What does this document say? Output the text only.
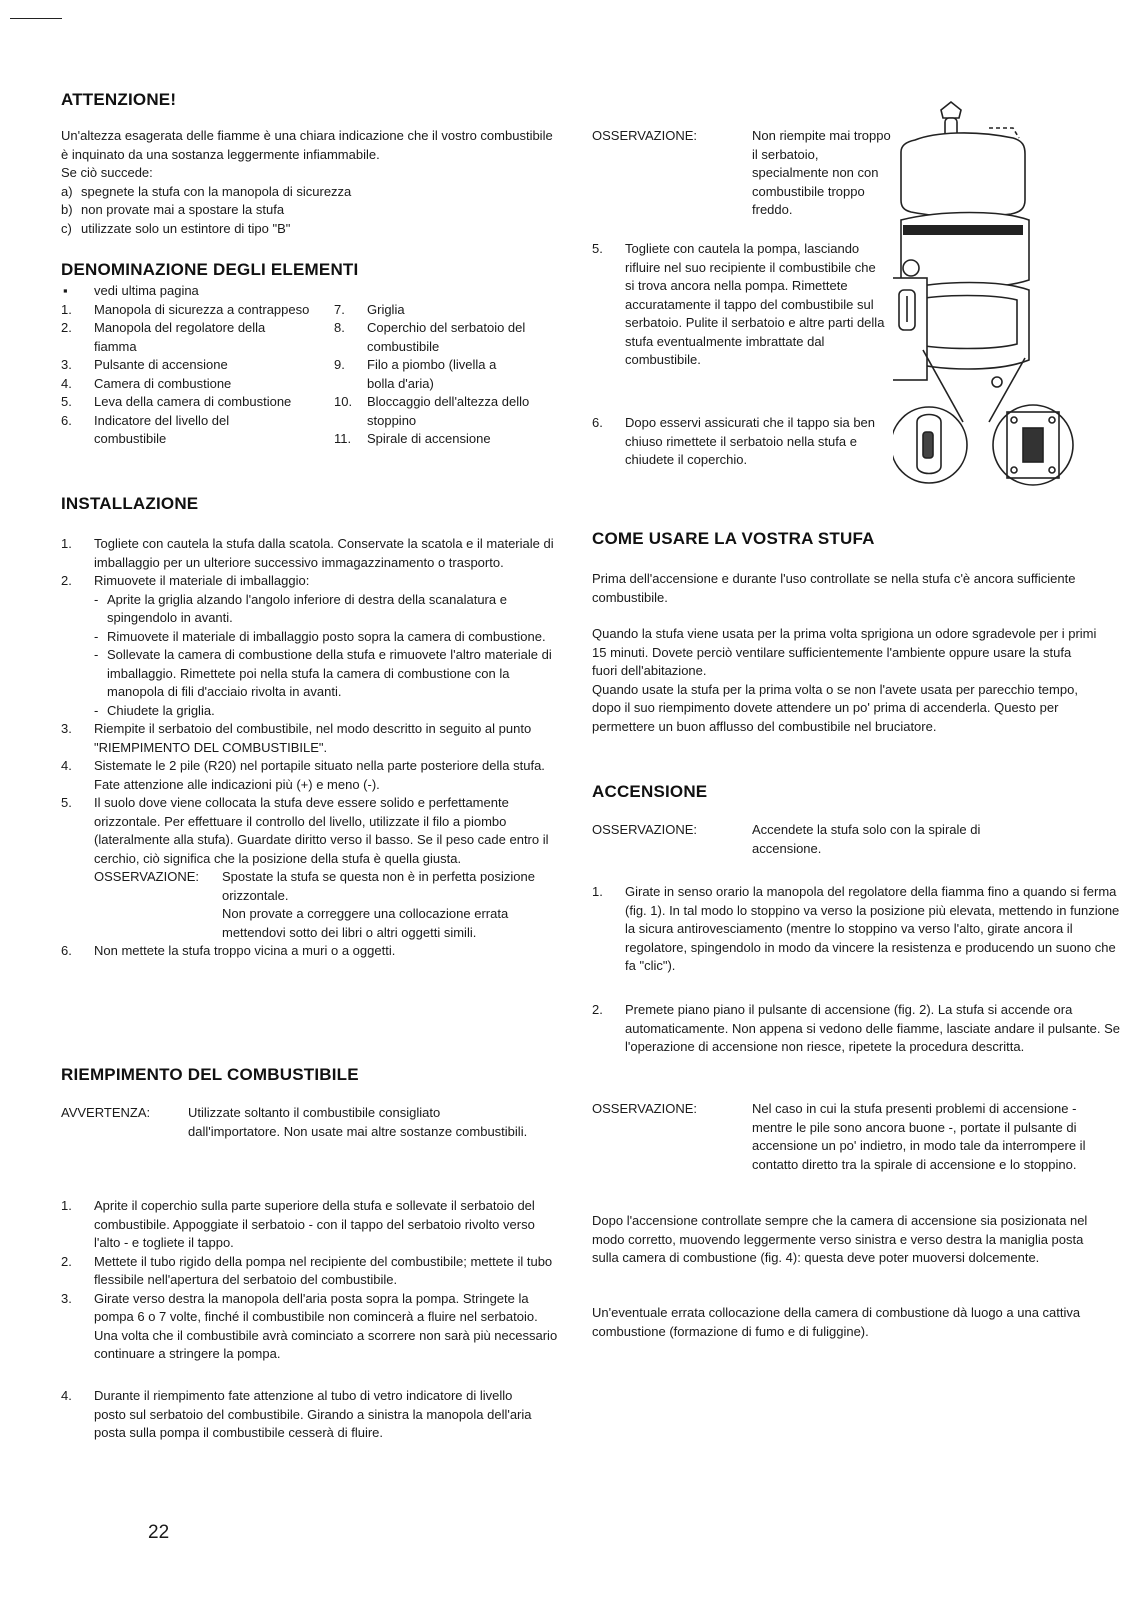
ATTENZIONE!

Un'altezza esagerata delle fiamme è una chiara indicazione che il vostro combustibile è inquinato da una sostanza leggermente infiammabile.

Se ciò succede:

a) spegnete la stufa con la manopola di sicurezza
b) non provate mai a spostare la stufa
c) utilizzate solo un estintore di tipo "B"
DENOMINAZIONE DEGLI ELEMENTI
▪ vedi ultima pagina
1. Manopola di sicurezza a contrappeso
2. Manopola del regolatore della fiamma
3. Pulsante di accensione
4. Camera di combustione
5. Leva della camera di combustione
6. Indicatore del livello del combustibile
7. Griglia
8. Coperchio del serbatoio del combustibile
9. Filo a piombo (livella a bolla d'aria)
10. Bloccaggio dell'altezza dello stoppino
11. Spirale di accensione
INSTALLAZIONE
1. Togliete con cautela la stufa dalla scatola. Conservate la scatola e il materiale di imballaggio per un ulteriore successivo immagazzinamento o trasporto.
2. Rimuovete il materiale di imballaggio:
- Aprite la griglia alzando l'angolo inferiore di destra della scanalatura e spingendolo in avanti.
- Rimuovete il materiale di imballaggio posto sopra la camera di combustione.
- Sollevate la camera di combustione della stufa e rimuovete l'altro materiale di imballaggio. Rimettete poi nella stufa la camera di combustione con la manopola di fili d'acciaio rivolta in avanti.
- Chiudete la griglia.
3. Riempite il serbatoio del combustibile, nel modo descritto in seguito al punto "RIEMPIMENTO DEL COMBUSTIBILE".
4. Sistemate le 2 pile (R20) nel portapile situato nella parte posteriore della stufa. Fate attenzione alle indicazioni più (+) e meno (-).
5. Il suolo dove viene collocata la stufa deve essere solido e perfettamente orizzontale. Per effettuare il controllo del livello, utilizzate il filo a piombo (lateralmente alla stufa). Guardate diritto verso il basso. Se il peso cade entro il cerchio, ciò significa che la posizione della stufa è quella giusta.
OSSERVAZIONE: Spostate la stufa se questa non è in perfetta posizione orizzontale.

Non provate a correggere una collocazione errata mettendovi sotto dei libri o altri oggetti simili.

6. Non mettete la stufa troppo vicina a muri o a oggetti.
RIEMPIMENTO DEL COMBUSTIBILE
AVVERTENZA:	Utilizzate soltanto il combustibile consigliato dall'importatore. Non usate mai altre sostanze combustibili.
1. Aprite il coperchio sulla parte superiore della stufa e sollevate il serbatoio del combustibile. Appoggiate il serbatoio - con il tappo del serbatoio rivolto verso l'alto - e togliete il tappo.
2. Mettete il tubo rigido della pompa nel recipiente del combustibile; mettete il tubo flessibile nell'apertura del serbatoio del combustibile.
3. Girate verso destra la manopola dell'aria posta sopra la pompa. Stringete la pompa 6 o 7 volte, finché il combustibile non comincerà a fluire nel serbatoio. Una volta che il combustibile avrà cominciato a scorrere non sarà più necessario continuare a stringere la pompa.
4. Durante il riempimento fate attenzione al tubo di vetro indicatore di livello posto sul serbatoio del combustibile. Girando a sinistra la manopola dell'aria posta sulla pompa il combustibile cesserà di fluire.
OSSERVAZIONE:	Non riempite mai troppo il serbatoio, specialmente non con combustibile troppo freddo.
5. Togliete con cautela la pompa, lasciando rifluire nel suo recipiente il combustibile che si trova ancora nella pompa. Rimettete accuratamente il tappo del combustibile sul serbatoio. Pulite il serbatoio e altre parti della stufa eventualmente imbrattate dal combustibile.
6. Dopo esservi assicurati che il tappo sia ben chiuso rimettete il serbatoio nella stufa e chiudete il coperchio.
COME USARE LA VOSTRA STUFA

Prima dell'accensione e durante l'uso controllate se nella stufa c'è ancora sufficiente combustibile.

Quando la stufa viene usata per la prima volta sprigiona un odore sgradevole per i primi 15 minuti. Dovete perciò ventilare sufficientemente l'ambiente oppure usare la stufa fuori dell'abitazione.

Quando usate la stufa per la prima volta o se non l'avete usata per parecchio tempo, dopo il suo riempimento dovete attendere un po' prima di accenderla. Questo per permettere un buon afflusso del combustibile nel bruciatore.

ACCENSIONE
OSSERVAZIONE:	Accendete la stufa solo con la spirale di accensione.
1. Girate in senso orario la manopola del regolatore della fiamma fino a quando si ferma (fig. 1). In tal modo lo stoppino va verso la posizione più elevata, mettendo in funzione la sicura antirovesciamento (mentre lo stoppino va verso l'alto, girate ancora il regolatore, spingendolo in modo da vincere la resistenza e producendo un suono che fa "clic").
2. Premete piano piano il pulsante di accensione (fig. 2). La stufa si accende ora automaticamente. Non appena si vedono delle fiamme, lasciate andare il pulsante. Se l'operazione di accensione non riesce, ripetete la procedura descritta.
OSSERVAZIONE:	Nel caso in cui la stufa presenti problemi di accensione - mentre le pile sono ancora buone -, portate il pulsante di accensione un po' indietro, in modo tale da interrompere il contatto diretto tra la spirale di accensione e lo stoppino.

Dopo l'accensione controllate sempre che la camera di accensione sia posizionata nel modo corretto, muovendo leggermente verso sinistra e verso destra la maniglia posta sulla camera di combustione (fig. 4): questa deve poter muoversi dolcemente.

Un'eventuale errata collocazione della camera di combustione dà luogo a una cattiva combustione (formazione di fumo e di fuliggine).

22
